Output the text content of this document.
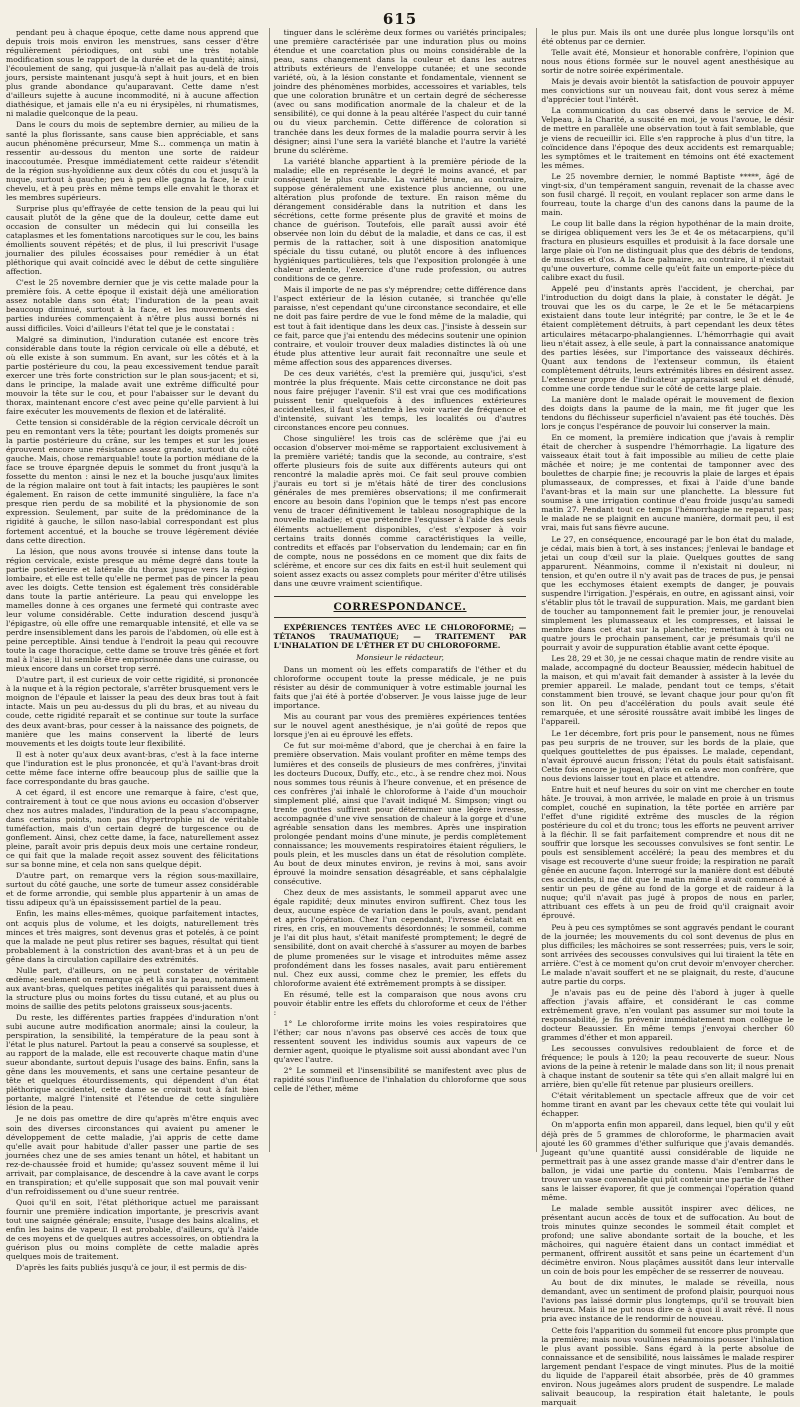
615

pendant peu à chaque époque, cette dame nous apprend que depuis trois mois environ les menstrues, sans cesser d'être régulièrement périodiques, ont subi une très notable modification sous le rapport de la durée et de la quantité; ainsi, l'écoulement de sang, qui jusque-là n'allait pas au-delà de trois jours, persiste maintenant jusqu'à sept à huit jours, et en bien plus grande abondance qu'auparavant. Cette dame n'est d'ailleurs sujette à aucune incommodité, ni à aucune affection diathésique, et jamais elle n'a eu ni érysipèles, ni rhumatismes, ni maladie quelconque de la peau.

Dans le cours du mois de septembre dernier, au milieu de la santé la plus florissante, sans cause bien appréciable, et sans aucun phénomène précurseur, Mme S... commença un matin à ressentir au-dessous du menton une sorte de raideur inaccoutumée. Presque immédiatement cette raideur s'étendit de la région sus-hyoïdienne aux deux côtés du cou et jusqu'à la nuque, surtout à gauche; peu à peu elle gagna la face, le cuir chevelu, et à peu près en même temps elle envahit le thorax et les membres supérieurs.

Surprise plus qu'effrayée de cette tension de la peau qui lui causait plutôt de la gêne que de la douleur, cette dame eut occasion de consulter un médecin qui lui conseilla les cataplasmes et les fomentations narcotiques sur le cou, les bains émollients souvent répétés; et de plus, il lui prescrivit l'usage journalier des pilules écossaises pour remédier à un état pléthorique qui avait coïncidé avec le début de cette singulière affection.

C'est le 25 novembre dernier que je vis cette malade pour la première fois. A cette époque il existait déjà une amélioration assez notable dans son état; l'induration de la peau avait beaucoup diminué, surtout à la face, et les mouvements des parties indurées commençaient à n'être plus aussi bornés ni aussi difficiles. Voici d'ailleurs l'état tel que je le constatai :

Malgré sa diminution, l'induration cutanée est encore très considérable dans toute la région cervicale où elle a débuté, et où elle existe à son summum. En avant, sur les côtés et à la partie postérieure du cou, la peau excessivement tendue paraît exercer une très forte constriction sur le plan sous-jacent; et si, dans le principe, la malade avait une extrême difficulté pour mouvoir la tête sur le cou, et pour l'abaisser sur le devant du thorax, maintenant encore c'est avec peine qu'elle parvient à lui faire exécuter les mouvements de flexion et de latéralité.

Cette tension si considérable de la région cervicale décroît un peu en remontant vers la tête; pourtant les doigts promenés sur la partie postérieure du crâne, sur les tempes et sur les joues éprouvent encore une résistance assez grande, surtout du côté gauche. Mais, chose remarquable! toute la portion médiane de la face se trouve épargnée depuis le sommet du front jusqu'à la fossette du menton : ainsi le nez et la bouche jusqu'aux limites de la région malaire ont tout à fait intacts; les paupières le sont également. En raison de cette immunité singulière, la face n'a presque rien perdu de sa mobilité et la physionomie de son expression. Seulement, par suite de la prédominance de la rigidité à gauche, le sillon naso-labial correspondant est plus fortement accentué, et la bouche se trouve légèrement déviée dans cette direction.

La lésion, que nous avons trouvée si intense dans toute la région cervicale, existe presque au même degré dans toute la partie postérieure et latérale du thorax jusque vers la région lombaire, et elle est telle qu'elle ne permet pas de pincer la peau avec les doigts. Cette tension est également très considérable dans toute la partie antérieure. La peau qui enveloppe les mamelles donne à ces organes une fermeté qui contraste avec leur volume considérable. Cette induration descend jusqu'à l'épigastre, où elle offre une remarquable intensité, et elle va se perdre insensiblement dans les parois de l'abdomen, où elle est à peine perceptible. Ainsi tendue à l'endroit la peau qui recouvre toute la cage thoracique, cette dame se trouve très gênée et fort mal à l'aise; il lui semble être emprisonnée dans une cuirasse, ou mieux encore dans un corset trop serré.

D'autre part, il est curieux de voir cette rigidité, si prononcée à la nuque et à la région pectorale, s'arrêter brusquement vers le moignon de l'épaule et laisser la peau des deux bras tout à fait intacte. Mais un peu au-dessus du pli du bras, et au niveau du coude, cette rigidité reparaît et se continue sur toute la surface des deux avant-bras, pour cesser à la naissance des poignets, de manière que les mains conservent la liberté de leurs mouvements et les doigts toute leur flexibilité.

Il est à noter qu'aux deux avant-bras, c'est à la face interne que l'induration est le plus prononcée, et qu'à l'avant-bras droit cette même face interne offre beaucoup plus de saillie que la face correspondante du bras gauche.

A cet égard, il est encore une remarque à faire, c'est que, contrairement à tout ce que nous avions eu occasion d'observer chez nos autres malades, l'induration de la peau s'accompagne, dans certains points, non pas d'hypertrophie ni de véritable tuméfaction, mais d'un certain degré de turgescence ou de gonflement. Ainsi, chez cette dame, la face, naturellement assez pleine, paraît avoir pris depuis deux mois une certaine rondeur, ce qui fait que la malade reçoit assez souvent des félicitations sur sa bonne mine, et cela non sans quelque dépit.

D'autre part, on remarque vers la région sous-maxillaire, surtout du côté gauche, une sorte de tumeur assez considérable et de forme arrondie, qui semble plus appartenir à un amas de tissu adipeux qu'à un épaississement partiel de la peau.

Enfin, les mains elles-mêmes, quoique parfaitement intactes, ont acquis plus de volume, et les doigts, naturellement très minces et très maigres, sont devenus gras et potelés, à ce point que la malade ne peut plus retirer ses bagues, résultat qui tient probablement à la constriction des avant-bras et à un peu de gêne dans la circulation capillaire des extrémités.

Nulle part, d'ailleurs, on ne peut constater de véritable œdème; seulement on remarque çà et là sur la peau, notamment aux avant-bras, quelques petites inégalités qui paraissent dues à la structure plus ou moins fortes du tissu cutané, et au plus ou moins de saillie des petits pelotons graisseux sous-jacents.

Du reste, les différentes parties frappées d'induration n'ont subi aucune autre modification anormale; ainsi la couleur, la perspiration, la sensibilité, la température de la peau sont à l'état le plus naturel. Partout la peau a conservé sa souplesse, et au rapport de la malade, elle est recouverte chaque matin d'une sueur abondante, surtout depuis l'usage des bains. Enfin, sans la gêne dans les mouvements, et sans une certaine pesanteur de tête et quelques étourdissements, qui dépendent d'un état pléthorique accidentel, cette dame se croirait tout à fait bien portante, malgré l'intensité et l'étendue de cette singulière lésion de la peau.

Je ne dois pas omettre de dire qu'après m'être enquis avec soin des diverses circonstances qui avaient pu amener le développement de cette maladie, j'ai appris de cette dame qu'elle avait pour habitude d'aller passer une partie de ses journées chez une de ses amies tenant un hôtel, et habitant un rez-de-chaussée froid et humide; qu'assez souvent même il lui arrivait, par complaisance, de descendre à la cave avant le corps en transpiration; et qu'elle supposait que son mal pouvait venir d'un refroidissement ou d'une sueur rentrée.

Quoi qu'il en soit, l'état pléthorique actuel me paraissant fournir une première indication importante, je prescrivis avant tout une saignée générale; ensuite, l'usage des bains alcalins, et enfin les bains de vapeur. Il est probable, d'ailleurs, qu'à l'aide de ces moyens et de quelques autres accessoires, on obtiendra la guérison plus ou moins complète de cette maladie après quelques mois de traitement.

D'après les faits publiés jusqu'à ce jour, il est permis de dis-

tinguer dans le sclérème deux formes ou variétés principales; une première caractérisée par une induration plus ou moins étendue et une coarctation plus ou moins considérable de la peau, sans changement dans la couleur et dans les autres attributs extérieurs de l'enveloppe cutanée; et une seconde variété, où, à la lésion constante et fondamentale, viennent se joindre des phénomènes morbides, accessoires et variables, tels que une coloration brunâtre et un certain degré de sécheresse (avec ou sans modification anormale de la chaleur et de la sensibilité), ce qui donne à la peau altérée l'aspect du cuir tanné ou du vieux parchemin. Cette différence de coloration si tranchée dans les deux formes de la maladie pourra servir à les désigner; ainsi l'une sera la variété blanche et l'autre la variété brune du sclérème.

La variété blanche appartient à la première période de la maladie; elle en représente le degré le moins avancé, et par conséquent le plus curable. La variété brune, au contraire, suppose généralement une existence plus ancienne, ou une altération plus profonde de texture. En raison même du dérangement considérable dans la nutrition et dans les sécrétions, cette forme présente plus de gravité et moins de chance de guérison. Toutefois, elle paraît aussi avoir été observée non loin du début de la maladie, et dans ce cas, il est permis de la rattacher, soit à une disposition anatomique spéciale du tissu cutané, ou plutôt encore à des influences hygiéniques particulières, tels que l'exposition prolongée à une chaleur ardente, l'exercice d'une rude profession, ou autres conditions de ce genre.

Mais il importe de ne pas s'y méprendre; cette différence dans l'aspect extérieur de la lésion cutanée, si tranchée qu'elle paraisse, n'est cependant qu'une circonstance secondaire, et elle ne doit pas faire perdre de vue le fond même de la maladie, qui est tout à fait identique dans les deux cas. J'insiste à dessein sur ce fait, parce que j'ai entendu des médecins soutenir une opinion contraire, et vouloir trouver deux maladies distinctes là où une étude plus attentive leur aurait fait reconnaître une seule et même affection sous des apparences diverses.

De ces deux variétés, c'est la première qui, jusqu'ici, s'est montrée la plus fréquente. Mais cette circonstance ne doit pas nous faire préjuger l'avenir. S'il est vrai que ces modifications puissent tenir quelquefois à des influences extérieures accidentelles, il faut s'attendre à les voir varier de fréquence et d'intensité, suivant les temps, les localités ou d'autres circonstances encore peu connues.

Chose singulière! les trois cas de sclérème que j'ai eu occasion d'observer moi-même se rapportaient exclusivement à la première variété; tandis que la seconde, au contraire, s'est offerte plusieurs fois de suite aux différents auteurs qui ont rencontré la maladie après moi. Ce fait seul prouve combien j'aurais eu tort si je m'étais hâté de tirer des conclusions générales de mes premières observations; il me confirmerait encore au besoin dans l'opinion que le temps n'est pas encore venu de tracer définitivement le tableau nosographique de la nouvelle maladie; et que prétendre l'esquisser à l'aide des seuls éléments actuellement disponibles, c'est s'exposer à voir certains traits donnés comme caractéristiques la veille, contredits et effacés par l'observation du lendemain; car en fin de compte, nous ne possédons en ce moment que dix faits de sclérème, et encore sur ces dix faits en est-il huit seulement qui soient assez exacts ou assez complets pour mériter d'être utilisés dans une œuvre vraiment scientifique.

CORRESPONDANCE.

EXPÉRIENCES TENTÉES AVEC LE CHLOROFORME; — TÉTANOS TRAUMATIQUE; — TRAITEMENT PAR L'INHALATION DE L'ÉTHER ET DU CHLOROFORME.

Monsieur le rédacteur,

Dans un moment où les effets comparatifs de l'éther et du chloroforme occupent toute la presse médicale, je ne puis résister au désir de communiquer à votre estimable journal les faits que j'ai été à portée d'observer. Je vous laisse juge de leur importance.

Mis au courant par vous des premières expériences tentées sur le nouvel agent anesthésique, je n'ai goûté de repos que lorsque j'en ai eu éprouvé les effets.

Ce fut sur moi-même d'abord, que je cherchai à en faire la première observation. Mais voulant profiter en même temps des lumières et des conseils de plusieurs de mes confrères, j'invitai les docteurs Ducoux, Duffy, etc., etc., à se rendre chez moi. Nous nous sommes tous réunis à l'heure convenue, et en présence de ces confrères j'ai inhalé le chloroforme à l'aide d'un mouchoir simplement plié, ainsi que l'avait indiqué M. Simpson; vingt ou trente gouttes suffirent pour déterminer une légère ivresse, accompagnée d'une vive sensation de chaleur à la gorge et d'une agréable sensation dans les membres. Après une inspiration prolongée pendant moins d'une minute, je perdis complètement connaissance; les mouvements respiratoires étaient réguliers, le pouls plein, et les muscles dans un état de résolution complète. Au bout de deux minutes environ, je revins à moi, sans avoir éprouvé la moindre sensation désagréable, et sans céphalalgie consécutive.

Chez deux de mes assistants, le sommeil apparut avec une égale rapidité; deux minutes environ suffirent. Chez tous les deux, aucune espèce de variation dans le pouls, avant, pendant et après l'opération. Chez l'un cependant, l'ivresse éclatait en rires, en cris, en mouvements désordonnés; le sommeil, comme je l'ai dit plus haut, s'était manifesté promptement; le degré de sensibilité, dont on avait cherché à s'assurer au moyen de barbes de plume promenées sur le visage et introduites même assez profondément dans les fosses nasales, avait paru entièrement nul. Chez eux aussi, comme chez le premier, les effets du chloroforme avaient été extrêmement prompts à se dissiper.

En résumé, telle est la comparaison que nous avons cru pouvoir établir entre les effets du chloroforme et ceux de l'éther :

1° Le chloroforme irrite moins les voies respiratoires que l'éther; car nous n'avons pas observé ces accès de toux que ressentent souvent les individus soumis aux vapeurs de ce dernier agent, quoique le ptyalisme soit aussi abondant avec l'un qu'avec l'autre.

2° Le sommeil et l'insensibilité se manifestent avec plus de rapidité sous l'influence de l'inhalation du chloroforme que sous celle de l'éther, même

le plus pur. Mais ils ont une durée plus longue lorsqu'ils ont été obtenus par ce dernier.

Telle avait été, Monsieur et honorable confrère, l'opinion que nous nous étions formée sur le nouvel agent anesthésique au sortir de notre soirée expérimentale.

Mais je devais avoir bientôt la satisfaction de pouvoir appuyer mes convictions sur un nouveau fait, dont vous serez à même d'apprécier tout l'intérêt.

La communication du cas observé dans le service de M. Velpeau, à la Charité, a suscité en moi, je vous l'avoue, le désir de mettre en parallèle une observation tout à fait semblable, que je viens de recueillir ici. Elle s'en rapproche à plus d'un titre, la coïncidence dans l'époque des deux accidents est remarquable; les symptômes et le traitement en témoins ont été exactement les mêmes.

Le 25 novembre dernier, le nommé Baptiste *****, âgé de vingt-six, d'un tempérament sanguin, revenait de la chasse avec son fusil chargé. Il reçoit, en voulant replacer son arme dans le fourreau, toute la charge d'un des canons dans la paume de la main.

Le coup lit balle dans la région hypothénar de la main droite, se dirigea obliquement vers les 3e et 4e os métacarpiens, qu'il fractura en plusieurs esquilles et produisit à la face dorsale une large plaie où l'on ne distinguait plus que des débris de tendons, de muscles et d'os. A la face palmaire, au contraire, il n'existait qu'une ouverture, comme celle qu'eût faite un emporte-pièce du calibre exact du fusil.

Appelé peu d'instants après l'accident, je cherchai, par l'introduction du doigt dans la plaie, à constater le dégât. Je trouvai que les os du carpe, le 2e et le 5e métacarpiens existaient dans toute leur intégrité; par contre, le 3e et le 4e étaient complètement détruits, à part cependant les deux têtes articulaires métacarpo-phalangiennes. L'hémorrhagie qui avait lieu n'était assez, à elle seule, à part la connaissance anatomique des parties lésées, sur l'importance des vaisseaux déchirés. Quant aux tendons de l'extenseur commun, ils étaient complètement détruits, leurs extrémités libres en désirent assez. L'extenseur propre de l'indicateur apparaissait seul et dénudé, comme une corde tendue sur le côté de cette large plaie.

La manière dont le malade opérait le mouvement de flexion des doigts dans la paume de la main, me fit juger que les tendons du fléchisseur superficiel n'avaient pas été touchés. Dès lors je conçus l'espérance de pouvoir lui conserver la main.

En ce moment, la première indication que j'avais à remplir était de chercher à suspendre l'hémorrhagie. La ligature des vaisseaux était tout à fait impossible au milieu de cette plaie mâchée et noire; je me contentai de tamponner avec des boulettes de charpie fine; je recouvris la plaie de larges et épais plumasseaux, de compresses, et fixai à l'aide d'une bande l'avant-bras et la main sur une planchette. La blessure fut soumise à une irrigation continue d'eau froide jusqu'au samedi matin 27. Pendant tout ce temps l'hémorrhagie ne reparut pas; le malade ne se plaignit en aucune manière, dormait peu, il est vrai, mais fut sans fièvre aucune.

Le 27, en conséquence, encouragé par le bon état du malade, je cédai, mais bien à tort, à ses instances; j'enlevai le bandage et jetai un coup d'œil sur la plaie. Quelques gouttes de sang apparurent. Néanmoins, comme il n'existait ni douleur, ni tension, et qu'en outre il n'y avait pas de traces de pus, je pensai que les ecchymoses étaient exempts de danger, je pouvais suspendre l'irrigation. J'espérais, en outre, en agissant ainsi, voir s'établir plus tôt le travail de suppuration. Mais, me gardant bien de toucher au tamponnement fait le premier jour, je renouvelai simplement les plumasseaux et les compresses, et laissai le membre dans cet état sur la planchette; remettant à trois ou quatre jours le prochain pansement, car je présumais qu'il ne pourrait y avoir de suppuration établie avant cette époque.

Les 28, 29 et 30, je ne cessai chaque matin de rendre visite au malade, accompagné du docteur Beaussier, médecin habituel de la maison, et qui m'avait fait demander à assister à la levée du premier appareil. Le malade, pendant tout ce temps, s'était constamment bien trouvé, se levant chaque jour pour qu'on fît son lit. On peu d'accélération du pouls avait seule été remarquée, et une sérosité roussâtre avait imbibé les linges de l'appareil.

Le 1er décembre, fort pris pour le pansement, nous ne fûmes pas peu surpris de ne trouver, sur les bords de la plaie, que quelques gouttelettes de pus épaisses. Le malade, cependant, n'avait éprouvé aucun frisson; l'état du pouls était satisfaisant. Cette fois encore je jugeai, d'avis en cela avec mon confrère, que nous devions laisser tout en place et attendre.

Entre huit et neuf heures du soir on vint me chercher en toute hâte. Je trouvai, à mon arrivée, le malade en proie à un trismus complet, couché en supination, la tête portée en arrière par l'effet d'une rigidité extrême des muscles de la région postérieure du col et du tronc; tous les efforts ne peuvent arriver à la fléchir. Il se fait parfaitement comprendre et nous dit ne souffrir que lorsque les secousses convulsives se font sentir. Le pouls est sensiblement accéléré; la peau des membres et du visage est recouverte d'une sueur froide; la respiration ne paraît gênée en aucune façon. Interrogé sur la manière dont est débuté ces accidents, il me dit que le matin même il avait commencé à sentir un peu de gêne au fond de la gorge et de raideur à la nuque; qu'il n'avait pas jugé à propos de nous en parler, attribuant ces effets à un peu de froid qu'il craignait avoir éprouvé.

Peu à peu ces symptômes se sont aggravés pendant le courant de la journée; les mouvements du col sont devenus de plus en plus difficiles; les mâchoires se sont resserrées; puis, vers le soir, sont arrivées des secousses convulsives qui lui tiraient la tête en arrière. C'est à ce moment qu'on crut devoir m'envoyer chercher. Le malade n'avait souffert et ne se plaignait, du reste, d'aucune autre partie du corps.

Je n'avais pas eu de peine dès l'abord à juger à quelle affection j'avais affaire, et considérant le cas comme extrêmement grave, n'en voulant pas assumer sur moi toute la responsabilité, je fis prévenir immédiatement mon collègue le docteur Beaussier. En même temps j'envoyai chercher 60 grammes d'éther et mon appareil.

Les secousses convulsives redoublaient de force et de fréquence; le pouls à 120; la peau recouverte de sueur. Nous avions de la peine à retenir le malade dans son lit; il nous prenait à chaque instant de soutenir sa tête qui s'en allait malgré lui en arrière, bien qu'elle fût retenue par plusieurs oreillers.

C'était véritablement un spectacle affreux que de voir cet homme tirant en avant par les chevaux cette tête qui voulait lui échapper.

On m'apporta enfin mon appareil, dans lequel, bien qu'il y eût déjà près de 5 grammes de chloroforme, le pharmacien avait ajouté les 60 grammes d'éther sulfurique que j'avais demandés. Jugeant qu'une quantité aussi considérable de liquide ne permettrait pas à une assez grande masse d'air d'entrer dans le ballon, je vidai une partie du contenu. Mais l'embarras de trouver un vase convenable qui pût contenir une partie de l'éther sans le laisser évaporer, fit que je commençai l'opération quand même.

Le malade semble aussitôt inspirer avec délices, ne présentant aucun accès de toux et de suffocation. Au bout de trois minutes quinze secondes le sommeil était complet et profond; une salive abondante sortait de la bouche, et les mâchoires, qui naguère étaient dans un contact immédiat et permanent, offrirent aussitôt et sans peine un écartement d'un décimètre environ. Nous plaçâmes aussitôt dans leur intervalle un coin de bois pour les empêcher de se resserrer de nouveau.

Au bout de dix minutes, le malade se réveilla, nous demandant, avec un sentiment de profond plaisir, pourquoi nous l'avions pas laissé dormir plus longtemps, qu'il se trouvait bien heureux. Mais il ne put nous dire ce à quoi il avait rêvé. Il nous pria avec instance de le rendormir de nouveau.

Cette fois l'apparition du sommeil fut encore plus prompte que la première; mais nous voulûmes néanmoins pousser l'inhalation le plus avant possible. Sans égard à la perte absolue de connaissance et de sensibilité, nous laissâmes le malade respirer largement pendant l'espace de vingt minutes. Plus de la moitié du liquide de l'appareil était absorbée, près de 40 grammes environ. Nous jugeâmes alors prudent de suspendre. Le malade salivait beaucoup, la respiration était haletante, le pouls marquait
